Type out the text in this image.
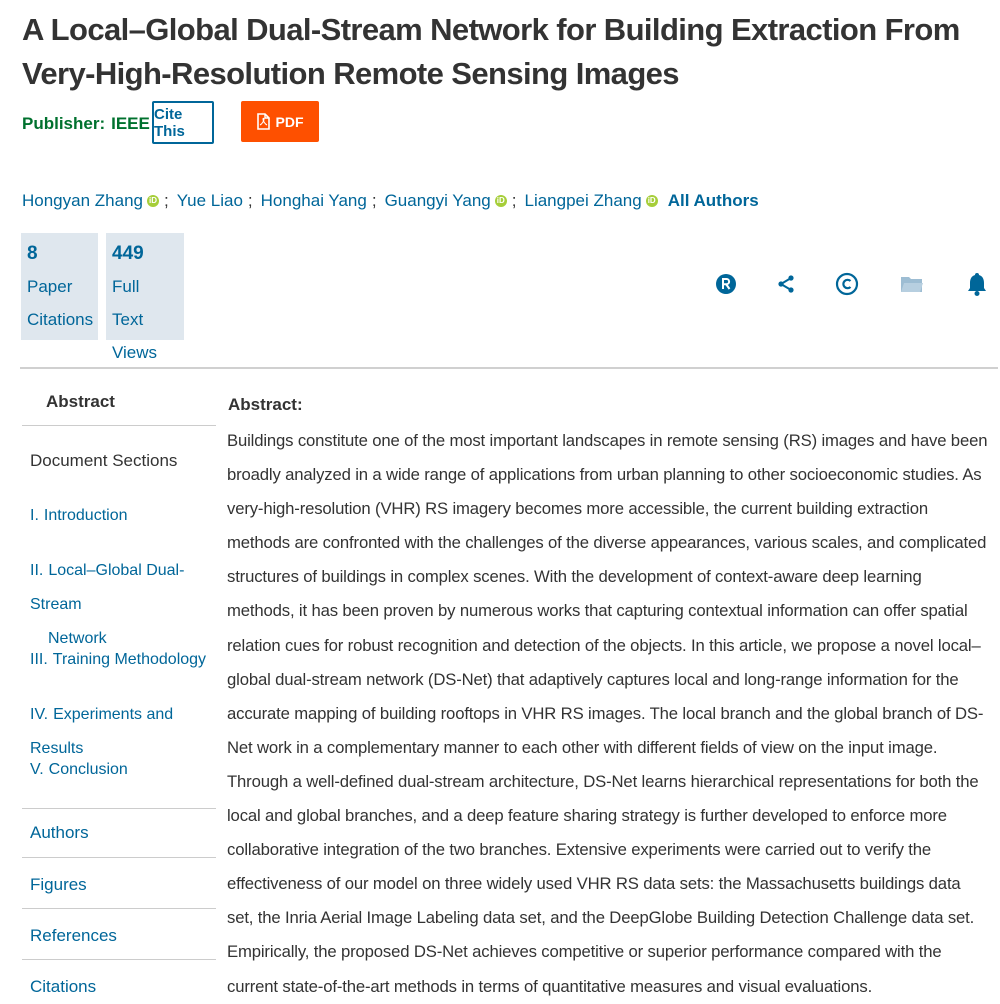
A Local–Global Dual-Stream Network for Building Extraction From Very-High-Resolution Remote Sensing Images
Publisher: IEEE Cite This
PDF
Hongyan Zhang iD ; Yue Liao ; Honghai Yang ; Guangyi Yang iD ; Liangpei Zhang iD All Authors
8
Paper
Citations
449
Full
Text
Views
Abstract
Document Sections
I. Introduction
II. Local–Global Dual-Stream
Network
III. Training Methodology
IV. Experiments and Results
V. Conclusion
Authors
Figures
References
Citations
Abstract:

Buildings constitute one of the most important landscapes in remote sensing (RS) images and have been broadly analyzed in a wide range of applications from urban planning to other socioeconomic studies. As very-high-resolution (VHR) RS imagery becomes more accessible, the current building extraction methods are confronted with the challenges of the diverse appearances, various scales, and complicated structures of buildings in complex scenes. With the development of context-aware deep learning methods, it has been proven by numerous works that capturing contextual information can offer spatial relation cues for robust recognition and detection of the objects. In this article, we propose a novel local–global dual-stream network (DS-Net) that adaptively captures local and long-range information for the accurate mapping of building rooftops in VHR RS images. The local branch and the global branch of DS-Net work in a complementary manner to each other with different fields of view on the input image. Through a well-defined dual-stream architecture, DS-Net learns hierarchical representations for both the local and global branches, and a deep feature sharing strategy is further developed to enforce more collaborative integration of the two branches. Extensive experiments were carried out to verify the effectiveness of our model on three widely used VHR RS data sets: the Massachusetts buildings data set, the Inria Aerial Image Labeling data set, and the DeepGlobe Building Detection Challenge data set. Empirically, the proposed DS-Net achieves competitive or superior performance compared with the current state-of-the-art methods in terms of quantitative measures and visual evaluations.
